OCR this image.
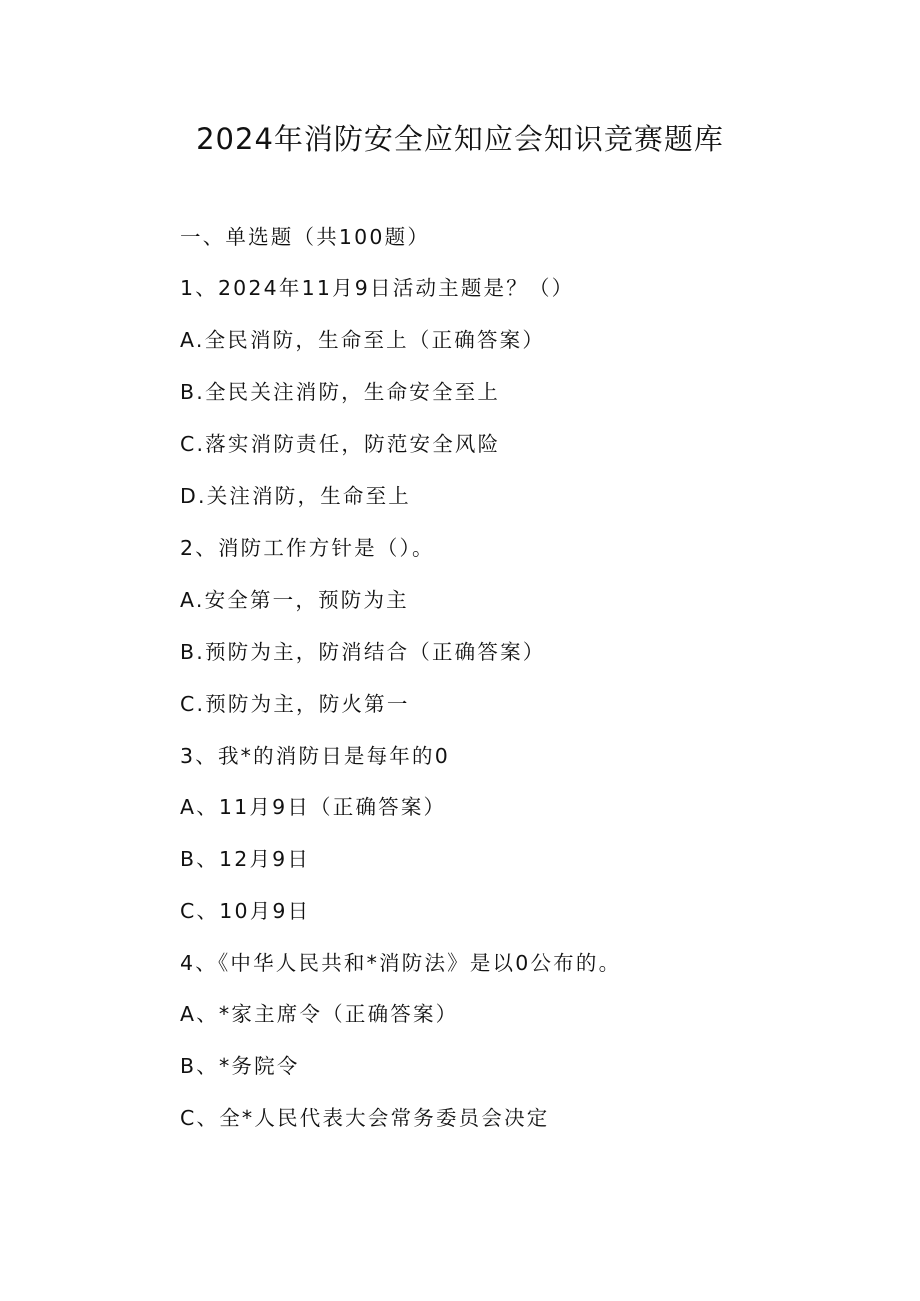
2024年消防安全应知应会知识竞赛题库
一、单选题（共100题）
1、2024年11月9日活动主题是？（）
A.全民消防，生命至上（正确答案）
B.全民关注消防，生命安全至上
C.落实消防责任，防范安全风险
D.关注消防，生命至上
2、消防工作方针是（）。
A.安全第一，预防为主
B.预防为主，防消结合（正确答案）
C.预防为主，防火第一
3、我*的消防日是每年的0
A、11月9日（正确答案）
B、12月9日
C、10月9日
4、《中华人民共和*消防法》是以0公布的。
A、*家主席令（正确答案）
B、*务院令
C、全*人民代表大会常务委员会决定
